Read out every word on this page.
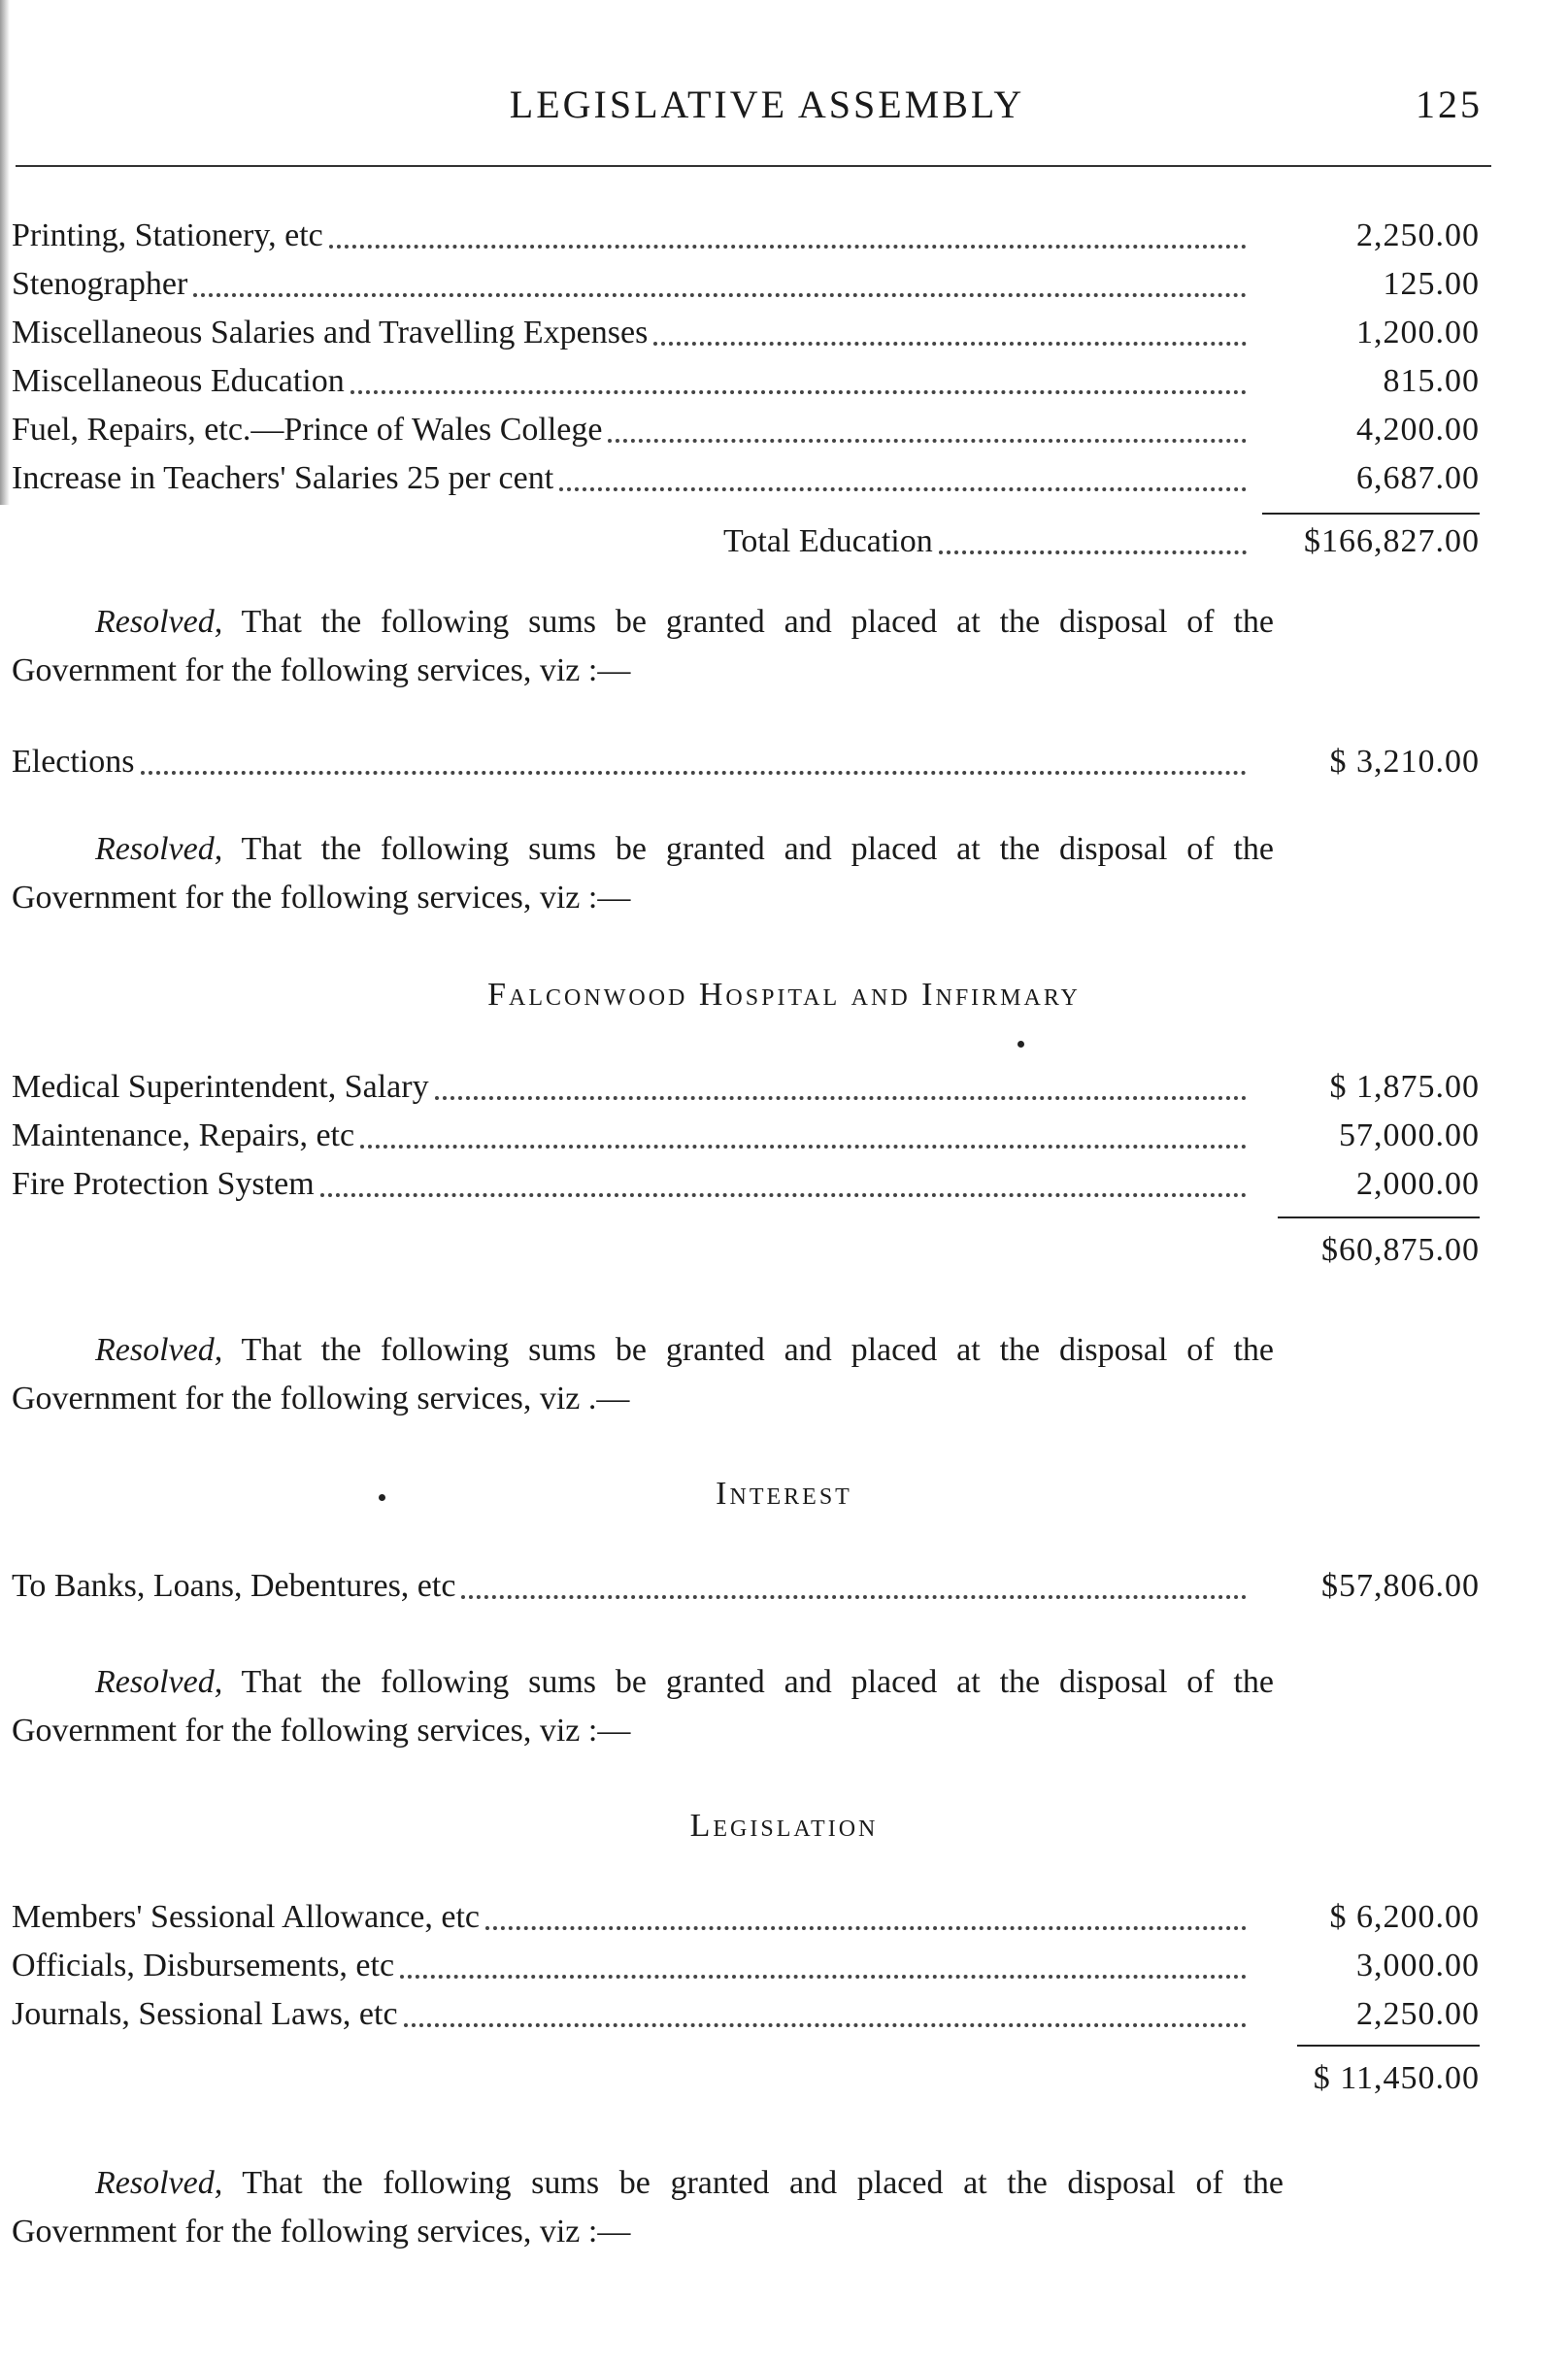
LEGISLATIVE ASSEMBLY	125
Printing, Stationery, etc	2,250.00
Stenographer	125.00
Miscellaneous Salaries and Travelling Expenses	1,200.00
Miscellaneous Education	815.00
Fuel, Repairs, etc.—Prince of Wales College	4,200.00
Increase in Teachers' Salaries 25 per cent	6,687.00
Total Education	$166,827.00

Resolved, That the following sums be granted and placed at the disposal of the Government for the following services, viz :—

Elections	$ 3,210.00

Resolved, That the following sums be granted and placed at the disposal of the Government for the following services, viz :—

Falconwood Hospital and Infirmary
Medical Superintendent, Salary	$ 1,875.00
Maintenance, Repairs, etc	57,000.00
Fire Protection System	2,000.00
$60,875.00

Resolved, That the following sums be granted and placed at the disposal of the Government for the following services, viz .—

Interest
To Banks, Loans, Debentures, etc	$57,806.00

Resolved, That the following sums be granted and placed at the disposal of the Government for the following services, viz :—

Legislation
Members' Sessional Allowance, etc	$ 6,200.00
Officials, Disbursements, etc	3,000.00
Journals, Sessional Laws, etc	2,250.00
$ 11,450.00

Resolved, That the following sums be granted and placed at the disposal of the Government for the following services, viz :—
